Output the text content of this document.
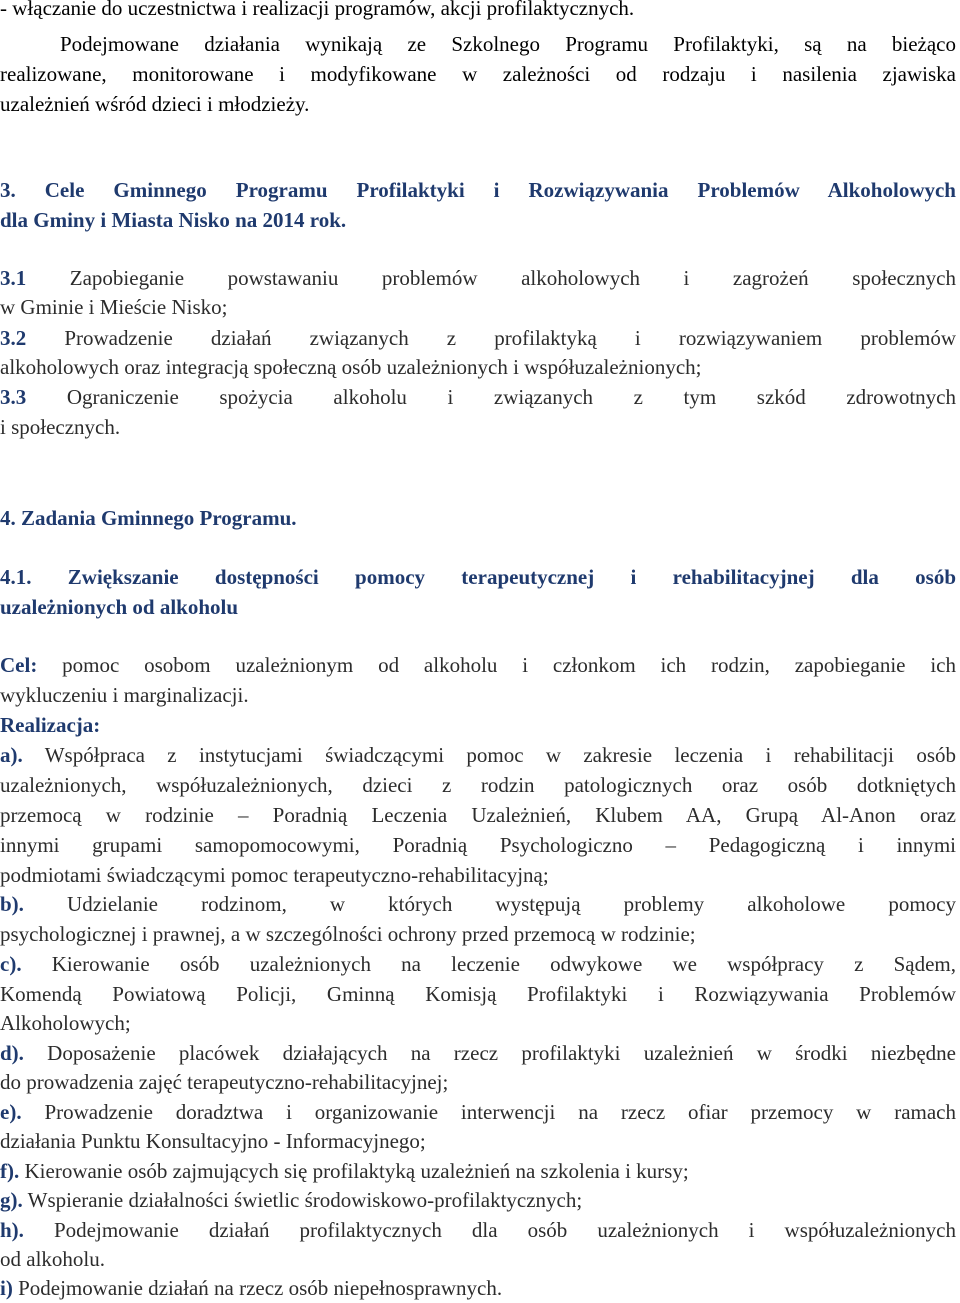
- włączanie do uczestnictwa i realizacji programów, akcji profilaktycznych.

Podejmowane działania wynikają ze Szkolnego Programu Profilaktyki, są na bieżąco

realizowane, monitorowane i modyfikowane w zależności od rodzaju i nasilenia zjawiska

uzależnień wśród dzieci i młodzieży.

3. Cele Gminnego Programu Profilaktyki i Rozwiązywania Problemów Alkoholowych

dla Gminy i Miasta Nisko na 2014 rok.

3.1 Zapobieganie powstawaniu problemów alkoholowych i zagrożeń społecznych

w Gminie i Mieście Nisko;

3.2 Prowadzenie działań związanych z profilaktyką i rozwiązywaniem problemów

alkoholowych oraz integracją społeczną osób uzależnionych i współuzależnionych;

3.3 Ograniczenie spożycia alkoholu i związanych z tym szkód zdrowotnych

i społecznych.

4. Zadania Gminnego Programu.

4.1. Zwiększanie dostępności pomocy terapeutycznej i rehabilitacyjnej dla osób

uzależnionych od alkoholu

Cel: pomoc osobom uzależnionym od alkoholu i członkom ich rodzin, zapobieganie ich

wykluczeniu i marginalizacji.

Realizacja:

a). Współpraca z instytucjami świadczącymi pomoc w zakresie leczenia i rehabilitacji osób

uzależnionych, współuzależnionych, dzieci z rodzin patologicznych oraz osób dotkniętych

przemocą w rodzinie – Poradnią Leczenia Uzależnień, Klubem AA, Grupą Al-Anon oraz

innymi grupami samopomocowymi, Poradnią Psychologiczno – Pedagogiczną i innymi

podmiotami świadczącymi pomoc terapeutyczno-rehabilitacyjną;

b). Udzielanie rodzinom, w których występują problemy alkoholowe pomocy

psychologicznej i prawnej, a w szczególności ochrony przed przemocą w rodzinie;

c). Kierowanie osób uzależnionych na leczenie odwykowe we współpracy z Sądem,

Komendą Powiatową Policji, Gminną Komisją Profilaktyki i Rozwiązywania Problemów

Alkoholowych;

d). Doposażenie placówek działających na rzecz profilaktyki uzależnień w środki niezbędne

do prowadzenia zajęć terapeutyczno-rehabilitacyjnej;

e). Prowadzenie doradztwa i organizowanie interwencji na rzecz ofiar przemocy w ramach

działania Punktu Konsultacyjno - Informacyjnego;

f). Kierowanie osób zajmujących się profilaktyką uzależnień na szkolenia i kursy;

g). Wspieranie działalności świetlic środowiskowo-profilaktycznych;

h). Podejmowanie działań profilaktycznych dla osób uzależnionych i współuzależnionych

od alkoholu.

i) Podejmowanie działań na rzecz osób niepełnosprawnych.
